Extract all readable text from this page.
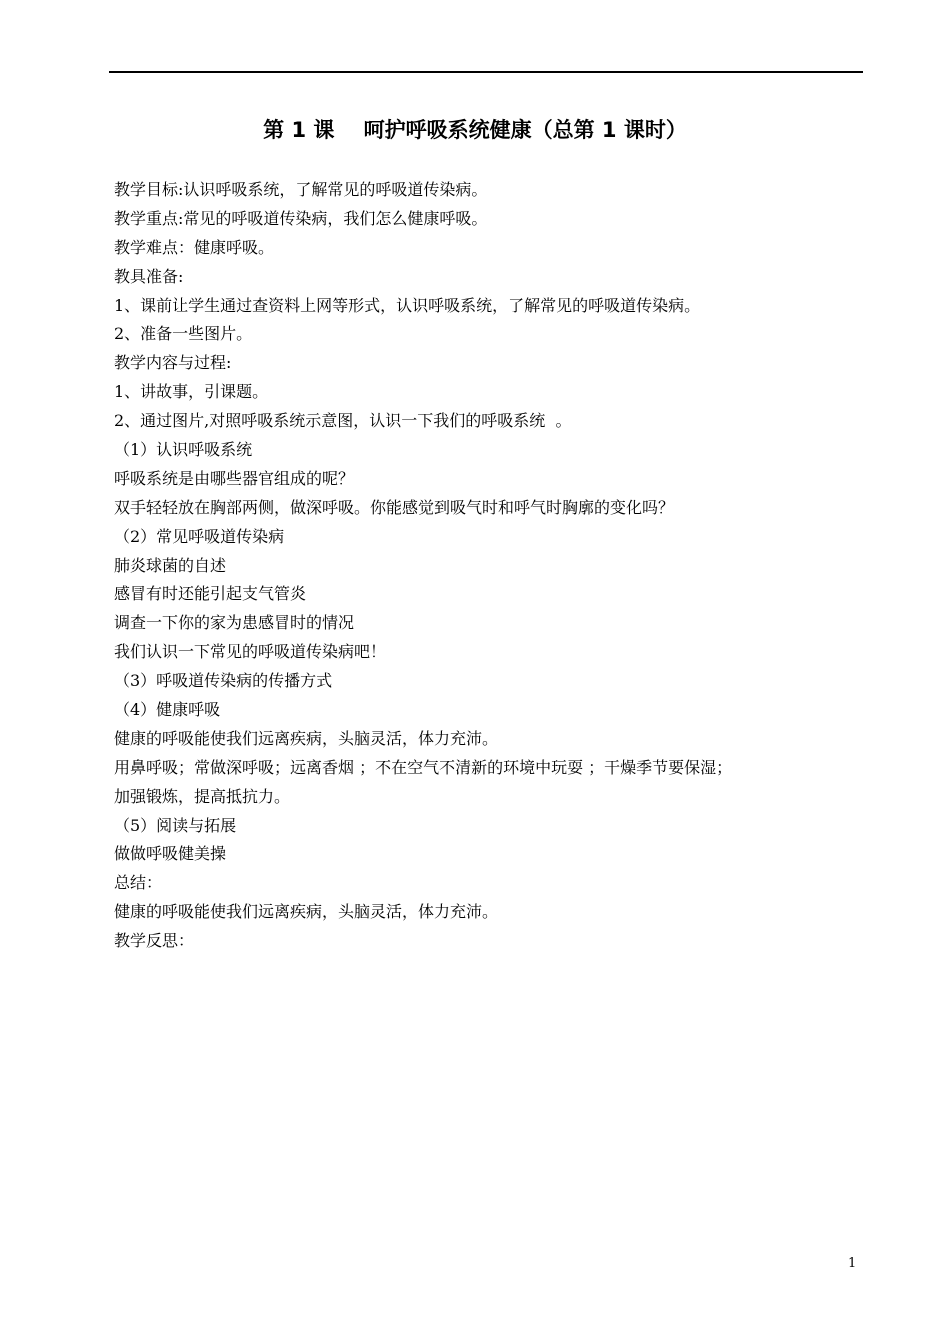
第 1 课    呵护呼吸系统健康（总第 1 课时）
教学目标:认识呼吸系统，了解常见的呼吸道传染病。
教学重点:常见的呼吸道传染病，我们怎么健康呼吸。
教学难点：健康呼吸。
教具准备:
1、课前让学生通过查资料上网等形式，认识呼吸系统，了解常见的呼吸道传染病。
2、准备一些图片。
教学内容与过程:
1、讲故事，引课题。
2、通过图片,对照呼吸系统示意图，认识一下我们的呼吸系统  。
（1）认识呼吸系统
呼吸系统是由哪些器官组成的呢？
双手轻轻放在胸部两侧，做深呼吸。你能感觉到吸气时和呼气时胸廓的变化吗？
（2）常见呼吸道传染病
肺炎球菌的自述
感冒有时还能引起支气管炎
调查一下你的家为患感冒时的情况
我们认识一下常见的呼吸道传染病吧！
（3）呼吸道传染病的传播方式
（4）健康呼吸
健康的呼吸能使我们远离疾病，头脑灵活，体力充沛。
用鼻呼吸；常做深呼吸；远离香烟 ；不在空气不清新的环境中玩耍 ；干燥季节要保湿；
加强锻炼，提高抵抗力。
（5）阅读与拓展
做做呼吸健美操
总结：
健康的呼吸能使我们远离疾病，头脑灵活，体力充沛。
教学反思：
1
